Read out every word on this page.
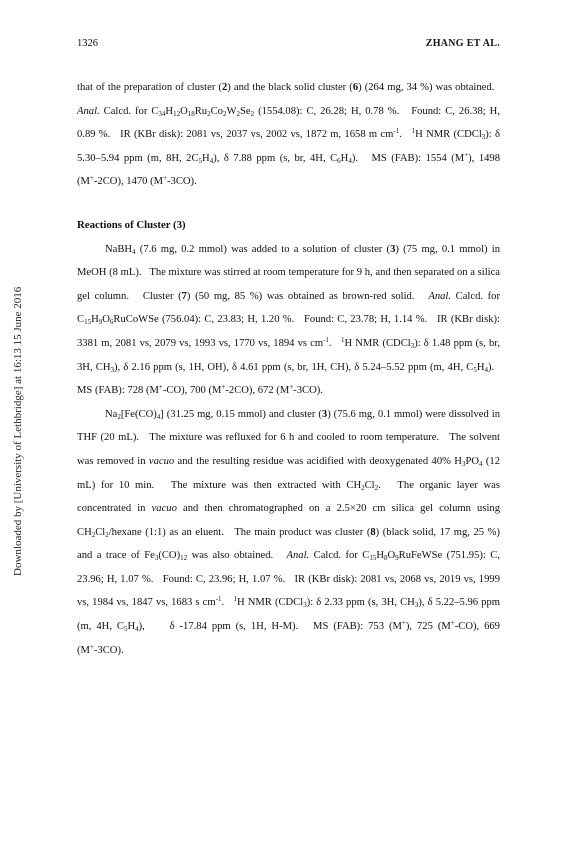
1326	ZHANG ET AL.
Downloaded by [University of Lethbridge] at 16:13 15 June 2016

that of the preparation of cluster (2) and the black solid cluster (6) (264 mg, 34 %) was obtained.   Anal. Calcd. for $C_{34}H_{12}O_{18}Ru_2Co_2W_2Se_2$ (1554.08): C, 26.28; H, 0.78 %.   Found: C, 26.38; H, 0.89 %.   IR (KBr disk): 2081 vs, 2037 vs, 2002 vs, 1872 m, 1658 m $cm^{-1}$.   $^1$H NMR (CDCl$_3$): δ 5.30–5.94 ppm (m, 8H, $2C_5H_4$), δ 7.88 ppm (s, br, 4H, $C_6H_4$).   MS (FAB): 1554 (M+), 1498 (M+-2CO), 1470 (M+-3CO).

Reactions of Cluster (3)

NaBH$_4$ (7.6 mg, 0.2 mmol) was added to a solution of cluster (3) (75 mg, 0.1 mmol) in MeOH (8 mL).   The mixture was stirred at room temperature for 9 h, and then separated on a silica gel column.   Cluster (7) (50 mg, 85 %) was obtained as brown-red solid.   Anal. Calcd. for $C_{15}H_9O_6RuCoWSe$ (756.04): C, 23.83; H, 1.20 %.   Found: C, 23.78; H, 1.14 %.   IR (KBr disk): 3381 m, 2081 vs, 2079 vs, 1993 vs, 1770 vs, 1894 vs $cm^{-1}$.   $^1$H NMR (CDCl$_3$): δ 1.48 ppm (s, br, 3H, $CH_3$), δ 2.16 ppm (s, 1H, OH), δ 4.61 ppm (s, br, 1H, CH), δ 5.24–5.52 ppm (m, 4H, $C_5H_4$).   MS (FAB): 728 (M+-CO), 700 (M+-2CO), 672 (M+-3CO).

$Na_2[Fe(CO)_4]$ (31.25 mg, 0.15 mmol) and cluster (3) (75.6 mg, 0.1 mmol) were dissolved in THF (20 mL).   The mixture was refluxed for 6 h and cooled to room temperature.   The solvent was removed in vacuo and the resulting residue was acidified with deoxygenated 40% $H_3PO_4$ (12 mL) for 10 min.   The mixture was then extracted with $CH_2Cl_2$.   The organic layer was concentrated in vacuo and then chromatographed on a 2.5×20 cm silica gel column using $CH_2Cl_2$/hexane (1:1) as an eluent.   The main product was cluster (8) (black solid, 17 mg, 25 %) and a trace of $Fe_3(CO)_{12}$ was also obtained.   Anal. Calcd. for $C_{15}H_8O_9RuFeWSe$ (751.95): C, 23.96; H, 1.07 %.   Found: C, 23.96; H, 1.07 %.   IR (KBr disk): 2081 vs, 2068 vs, 2019 vs, 1999 vs, 1984 vs, 1847 vs, 1683 s $cm^{-1}$.   $^1$H NMR (CDCl$_3$): δ 2.33 ppm (s, 3H, $CH_3$), δ 5.22–5.96 ppm (m, 4H, $C_5H_4$),     δ -17.84 ppm (s, 1H, H-M).   MS (FAB): 753 (M+), 725 (M+-CO), 669 (M+-3CO).
